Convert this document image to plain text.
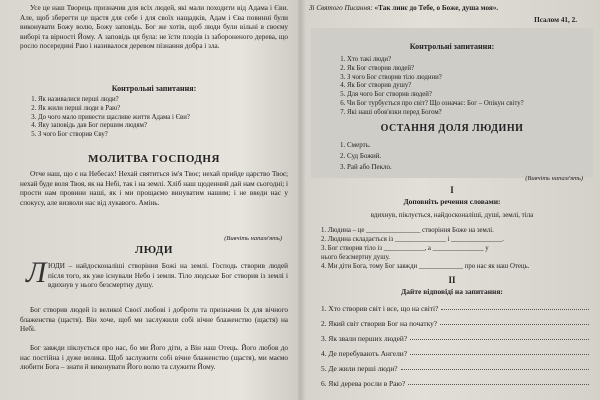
Усе це наш Творець призначив для всіх людей, які мали походити від Адама і Єви. Але, щоб зберегти це щастя для себе і для своїх нащадків, Адам і Єва повинні були виконувати Божу волю, Божу заповідь. Бог же хотів, щоб люди були вільні в своєму виборі та вірності Йому. А заповідь ця була: не їсти плодів із забороненого дерева, що росло посередині Раю і називалося деревом пізнання добра і зла.
Контрольні запитання:
1. Як називалися перші люди?
2. Як жили перші люди в Раю?
3. До чого мало привести щасливе життя Адама і Єви?
4. Яку заповідь дав Бог першим людям?
5. З чого Бог створив Єву?
МОЛИТВА ГОСПОДНЯ
Отче наш, що є на Небесах! Нехай святиться ім'я Твоє; нехай прийде царство Твоє; нехай буде воля Твоя, як на Небі, так і на землі. Хліб наш щоденний дай нам сьогодні; і прости нам провини наші, як і ми прощаємо винуватим нашим; і не введи нас у спокусу, але визволи нас від лукавого. Амінь.
(Вивчіть напам'ять)
ЛЮДИ
Л ЮДИ – найдосконаліші створіння Божі на землі. Господь створив людей після того, як уже існували Небо і земля. Тіло людське Бог створив із землі і вдихнув у нього безсмертну душу.
Бог створив людей із великої Своєї любові і доброти та призначив їх для вічного блаженства (щастя). Він хоче, щоб ми заслужили собі вічне блаженство (щастя) на Небі.
Бог завжди піклується про нас, бо ми Його діти, а Він наш Отець. Його любов до нас постійна і дуже велика. Щоб заслужити собі вічне блаженство (щастя), ми маємо любити Бога – знати й виконувати Його волю та служити Йому.
Зі Святого Писання: «Так линє до Тебе, о Боже, душа моя».
Псалом 41, 2.
Контрольні запитання:
1. Хто такі люди?
2. Як Бог створив людей?
3. З чого Бог створив тіло людини?
4. Як Бог створив душу?
5. Для чого Бог створив людей?
6. Чи Бог турбується про світ? Що означає: Бог – Опікун світу?
7. Які наші обов'язки перед Богом?
ОСТАННЯ ДОЛЯ ЛЮДИНИ
1. Смерть.
2. Суд Божий.
3. Рай або Пекло.
(Вивчіть напам'ять)
І
Доповніть речення словами:
вдихнув, піклується, найдосконаліші, душі, землі, тіла
1. Людина – це ________________ створіння Боже на землі.
2. Людина складається із _______________ і _______________.
3. Бог створив тіло із ____________, а _______________ у
нього безсмертну душу.
4. Ми діти Бога, тому Бог завжди _____________ про нас як наш Отець.
ІІ
Дайте відповіді на запитання:
1. Хто створив світ і все, що на світі?
2. Який світ створив Бог на початку?
3. Як звали перших людей?
4. Де перебувають Ангели?
5. Де жили перші люди?
6. Які дерева росли в Раю?
